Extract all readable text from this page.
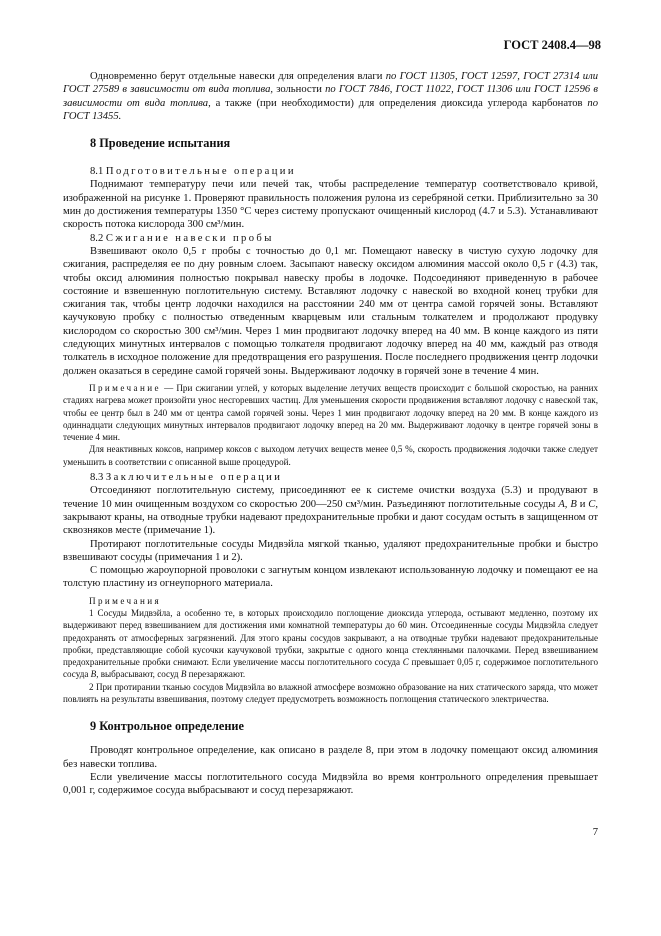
ГОСТ 2408.4—98

Одновременно берут отдельные навески для определения влаги по ГОСТ 11305, ГОСТ 12597, ГОСТ 27314 или ГОСТ 27589 в зависимости от вида топлива, зольности по ГОСТ 7846, ГОСТ 11022, ГОСТ 11306 или ГОСТ 12596 в зависимости от вида топлива, а также (при необходимости) для определения диоксида углерода карбонатов по ГОСТ 13455.

8 Проведение испытания

8.1 Подготовительные операции

Поднимают температуру печи или печей так, чтобы распределение температур соответствовало кривой, изображенной на рисунке 1. Проверяют правильность положения рулона из серебряной сетки. Приблизительно за 30 мин до достижения температуры 1350 °С через систему пропускают очищенный кислород (4.7 и 5.3). Устанавливают скорость потока кислорода 300 см³/мин.

8.2 Сжигание навески пробы

Взвешивают около 0,5 г пробы с точностью до 0,1 мг. Помещают навеску в чистую сухую лодочку для сжигания, распределяя ее по дну ровным слоем. Засыпают навеску оксидом алюминия массой около 0,5 г (4.3) так, чтобы оксид алюминия полностью покрывал навеску пробы в лодочке. Подсоединяют приведенную в рабочее состояние и взвешенную поглотительную систему. Вставляют лодочку с навеской во входной конец трубки для сжигания так, чтобы центр лодочки находился на расстоянии 240 мм от центра самой горячей зоны. Вставляют каучуковую пробку с полностью отведенным кварцевым или стальным толкателем и продолжают продувку кислородом со скоростью 300 см³/мин. Через 1 мин продвигают лодочку вперед на 40 мм. В конце каждого из пяти следующих минутных интервалов с помощью толкателя продвигают лодочку вперед на 40 мм, каждый раз отводя толкатель в исходное положение для предотвращения его разрушения. После последнего продвижения центр лодочки должен оказаться в середине самой горячей зоны. Выдерживают лодочку в горячей зоне в течение 4 мин.

Примечание — При сжигании углей, у которых выделение летучих веществ происходит с большой скоростью, на ранних стадиях нагрева может произойти унос несгоревших частиц. Для уменьшения скорости продвижения вставляют лодочку с навеской так, чтобы ее центр был в 240 мм от центра самой горячей зоны. Через 1 мин продвигают лодочку вперед на 20 мм. В конце каждого из одиннадцати следующих минутных интервалов продвигают лодочку вперед на 20 мм. Выдерживают лодочку в центре горячей зоны в течение 4 мин.

Для неактивных коксов, например коксов с выходом летучих веществ менее 0,5 %, скорость продвижения лодочки также следует уменьшить в соответствии с описанной выше процедурой.

8.3 Заключительные операции

Отсоединяют поглотительную систему, присоединяют ее к системе очистки воздуха (5.3) и продувают в течение 10 мин очищенным воздухом со скоростью 200—250 см³/мин. Разъединяют поглотительные сосуды А, В и С, закрывают краны, на отводные трубки надевают предохранительные пробки и дают сосудам остыть в защищенном от сквозняков месте (примечание 1).

Протирают поглотительные сосуды Мидвэйла мягкой тканью, удаляют предохранительные пробки и быстро взвешивают сосуды (примечания 1 и 2).

С помощью жароупорной проволоки с загнутым концом извлекают использованную лодочку и помещают ее на толстую пластину из огнеупорного материала.

Примечания

1 Сосуды Мидвэйла, а особенно те, в которых происходило поглощение диоксида углерода, остывают медленно, поэтому их выдерживают перед взвешиванием для достижения ими комнатной температуры до 60 мин. Отсоединенные сосуды Мидвэйла следует предохранять от атмосферных загрязнений. Для этого краны сосудов закрывают, а на отводные трубки надевают предохранительные пробки, представляющие собой кусочки каучуковой трубки, закрытые с одного конца стеклянными палочками. Перед взвешиванием предохранительные пробки снимают. Если увеличение массы поглотительного сосуда С превышает 0,05 г, содержимое поглотительного сосуда В, выбрасывают, сосуд В перезаряжают.

2 При протирании тканью сосудов Мидвэйла во влажной атмосфере возможно образование на них статического заряда, что может повлиять на результаты взвешивания, поэтому следует предусмотреть возможность поглощения статического электричества.

9 Контрольное определение

Проводят контрольное определение, как описано в разделе 8, при этом в лодочку помещают оксид алюминия без навески топлива.

Если увеличение массы поглотительного сосуда Мидвэйла во время контрольного определения превышает 0,001 г, содержимое сосуда выбрасывают и сосуд перезаряжают.

7
